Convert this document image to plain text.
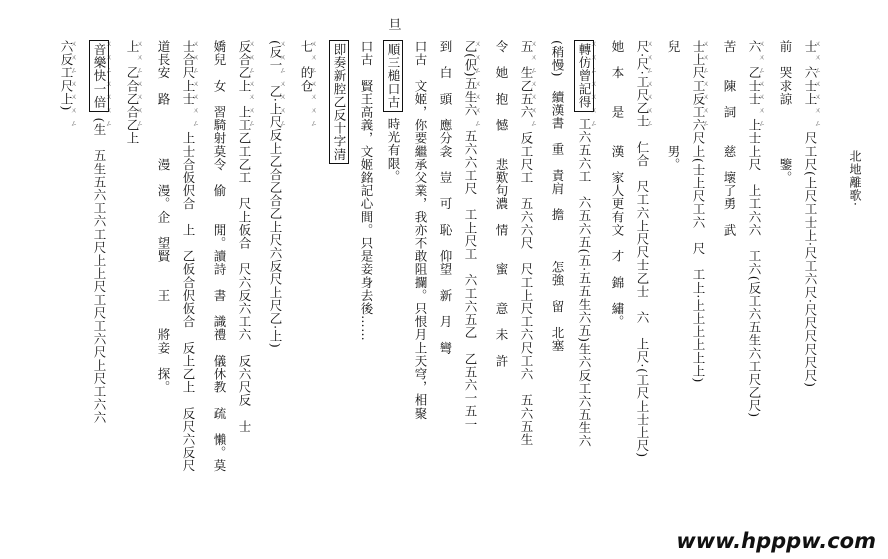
旦
北地離歌·
ㄨ ㄨ ㄥ ㄨ ㄨ ㄨ ㄥ 士　六士上　　尺工尺(上尺工士上·尺工六尺·尺尺尺尺尺尺)
前　哭求諒　　　　鑒。
ㄨ ㄨ ㄥ ㄨ ㄨ ㄨ ㄥ 六　乙士士　上士上尺　上工六六　工六(反工六五生六工尺乙尺)
苦　　陳　詞　　慈　壞了勇　武
ㄨ ㄨ ㄥ ㄨ ㄨ ㄨ ㄥ 士上尺工反工六尺上(士上尺工六　尺　工上·上上上上上上)
兒　　　　　　　男。
ㄨ ㄨ ㄥ ㄨ ㄨ ㄨ ㄥ 尺·尺·工尺乙士　仁合　尺工六上尺尺士乙士　六　上尺·(工尺上士上尺)
她　本　　是　　漢　家人更有文　才　錦　繡。
ㄨ ㄨ ㄥ ㄨ ㄨ ㄨ ㄥ 轉仿曾記得工六五六工　六五六五(五·五五生六五)生六反工六五生六
(稍慢)　續漢書　重　責肩　擔　　　怎強　留　北塞
ㄨ ㄨ ㄥ ㄨ ㄨ ㄨ ㄥ 五　生乙五六　反工尺工　五六六尺　尺工上尺工六尺工六　五六五生
令　她　抱　憾　　悲歎句濃　情　　蜜　　意　未　許
ㄨ ㄨ ㄥ ㄨ ㄨ ㄨ ㄥ 乙(伬)五生六　五六六工尺　工上尺工　六工六五乙　乙五六一五一
到　白　頭　應分衾　豈　可　恥　仰望　新　月　彎
口古　文姬，你要繼承父業，我亦不敢阻攔。只恨月上天穹，相聚
順三槌口古時光有限。
口古　賢王高義，文姬銘記心間。只是妾身去後……
即奏新腔乙反十字清
ㄨ ㄨ ㄥ ㄨ ㄨ ㄨ ㄥ 七　的仓
ㄨ ㄨ ㄥ ㄨ ㄨ ㄨ ㄥ (反一　乙·上尺反上乙合乙合乙上尺六反尺上尺乙·上)
ㄨ ㄨ ㄥ ㄨ ㄨ ㄨ ㄥ 反合乙上　上工乙工乙工　尺上仮合　尺六反六工六　反六尺反　士
嬌兒　女　習騎射莫令　偷　　閒。讀詩　書　識禮　儀休教　疏　懶。莫
ㄨ ㄨ ㄥ ㄨ ㄨ ㄨ ㄥ 士合尺上士　　上士合仮伬合　上　乙仮合伬仮合　反上乙上　反尺六反尺
道長安　路　　　　漫　漫。企　望賢　　王　　將妾　探。
ㄨ ㄨ ㄥ ㄨ ㄨ ㄨ ㄥ 上　乙合乙合乙上
ㄨ ㄨ ㄥ ㄨ ㄨ ㄨ ㄥ 音樂快一倍(生　五生五六工六工尺上上尺工尺工六尺上尺工六六
ㄨ ㄨ ㄥ ㄨ ㄨ ㄨ ㄥ 六反工尺上)
www.hpppw.com
